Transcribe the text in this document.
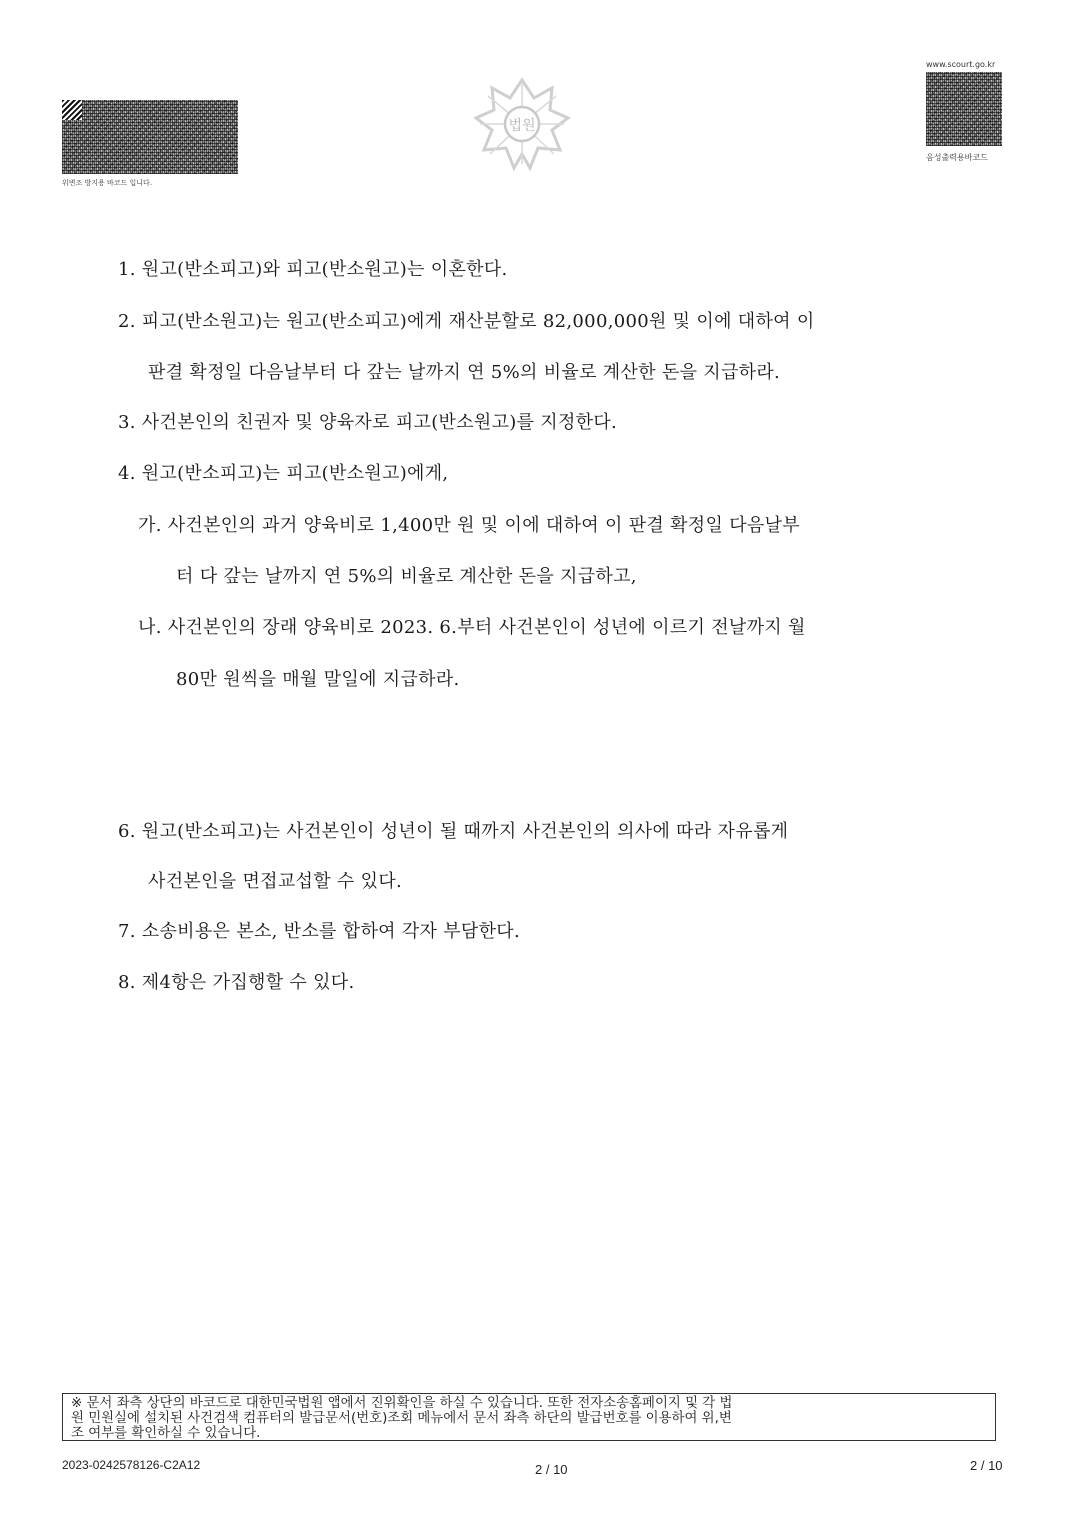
위변조 방지용 바코드 입니다.
법원
www.scourt.go.kr
음성출력용바코드
1. 원고(반소피고)와 피고(반소원고)는 이혼한다.
2. 피고(반소원고)는 원고(반소피고)에게 재산분할로 82,000,000원 및 이에 대하여 이
판결 확정일 다음날부터 다 갚는 날까지 연 5%의 비율로 계산한 돈을 지급하라.
3. 사건본인의 친권자 및 양육자로 피고(반소원고)를 지정한다.
4. 원고(반소피고)는 피고(반소원고)에게,
가. 사건본인의 과거 양육비로 1,400만 원 및 이에 대하여 이 판결 확정일 다음날부
터 다 갚는 날까지 연 5%의 비율로 계산한 돈을 지급하고,
나. 사건본인의 장래 양육비로 2023. 6.부터 사건본인이 성년에 이르기 전날까지 월
80만 원씩을 매월 말일에 지급하라.
6. 원고(반소피고)는 사건본인이 성년이 될 때까지 사건본인의 의사에 따라 자유롭게
사건본인을 면접교섭할 수 있다.
7. 소송비용은 본소, 반소를 합하여 각자 부담한다.
8. 제4항은 가집행할 수 있다.
※ 문서 좌측 상단의 바코드로 대한민국법원 앱에서 진위확인을 하실 수 있습니다. 또한 전자소송홈페이지 및 각 법
원 민원실에 설치된 사건검색 컴퓨터의 발급문서(번호)조회 메뉴에서 문서 좌측 하단의 발급번호를 이용하여 위,변
조 여부를 확인하실 수 있습니다.
2023-0242578126-C2A12	2 / 10	2 / 10
